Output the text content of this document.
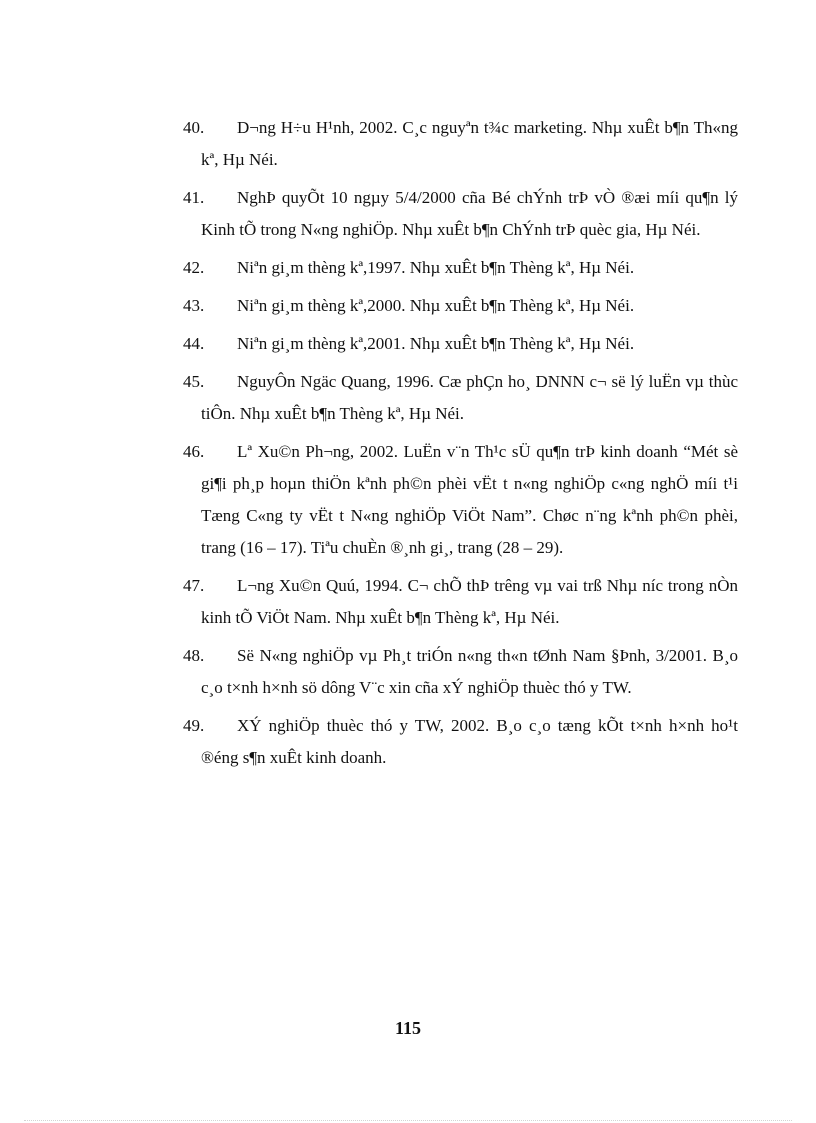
40.	D¬ng H÷u H¹nh, 2002. C¸c nguyªn t¾c marketing. Nhµ xuÊt b¶n Th«ng kª, Hµ Néi.
41.	NghÞ quyÕt 10 ngµy 5/4/2000 cña Bé chÝnh trÞ vÒ ®æi míi qu¶n lý Kinh tÕ trong N«ng nghiÖp. Nhµ xuÊt b¶n ChÝnh trÞ quèc gia, Hµ Néi.
42.	Niªn gi¸m thèng kª,1997. Nhµ xuÊt b¶n Thèng kª, Hµ Néi.
43.	Niªn gi¸m thèng kª,2000. Nhµ xuÊt b¶n Thèng kª, Hµ Néi.
44.	Niªn gi¸m thèng kª,2001. Nhµ xuÊt b¶n Thèng kª, Hµ Néi.
45.	NguyÔn Ngäc Quang, 1996. Cæ phÇn ho¸ DNNN c¬ së lý luËn vµ thùc tiÔn. Nhµ xuÊt b¶n Thèng kª, Hµ Néi.
46.	Lª Xu©n Ph¬ng, 2002. LuËn v¨n Th¹c sÜ qu¶n trÞ kinh doanh “Mét sè gi¶i ph¸p hoµn thiÖn kªnh ph©n phèi vËt t n«ng nghiÖp c«ng nghÖ míi t¹i Tæng C«ng ty vËt t N«ng nghiÖp ViÖt Nam”. Chøc n¨ng kªnh ph©n phèi, trang (16 – 17). Tiªu chuÈn ®¸nh gi¸, trang (28 – 29).
47.	L¬ng Xu©n Quú, 1994. C¬ chÕ thÞ trêng vµ vai trß Nhµ níc trong nÒn kinh tÕ ViÖt Nam. Nhµ xuÊt b¶n Thèng kª, Hµ Néi.
48.	Së N«ng nghiÖp vµ Ph¸t triÓn n«ng th«n tØnh Nam §Þnh, 3/2001. B¸o c¸o t×nh h×nh sö dông V¨c xin cña xÝ nghiÖp thuèc thó y TW.
49.	XÝ nghiÖp thuèc thó y TW, 2002. B¸o c¸o tæng kÕt t×nh h×nh ho¹t ®éng s¶n xuÊt kinh doanh.

115
